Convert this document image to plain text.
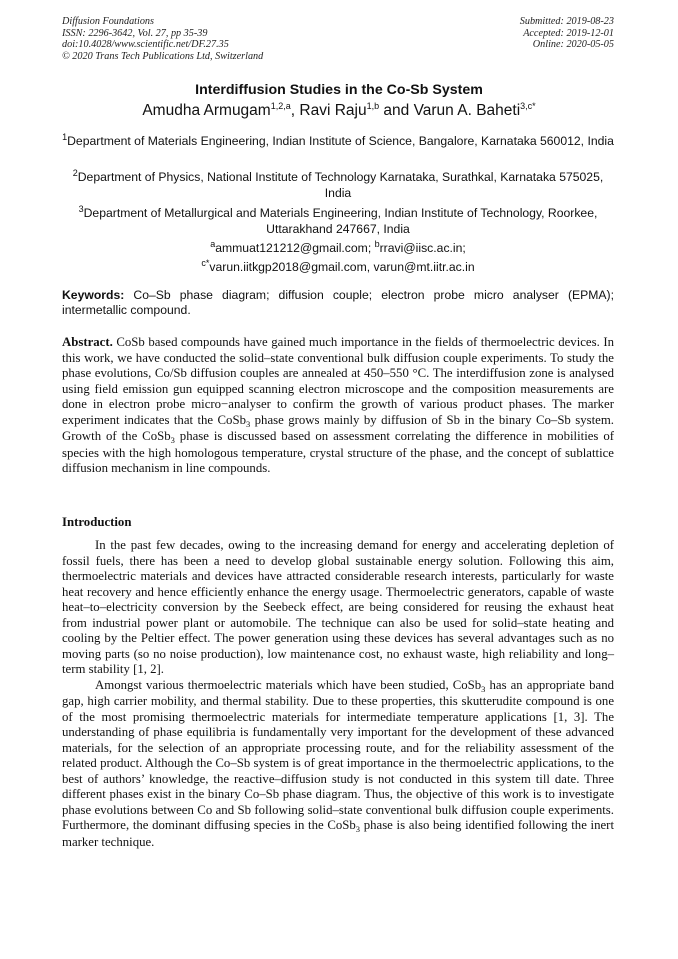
Diffusion Foundations
ISSN: 2296-3642, Vol. 27, pp 35-39
doi:10.4028/www.scientific.net/DF.27.35
© 2020 Trans Tech Publications Ltd, Switzerland
Submitted: 2019-08-23
Accepted: 2019-12-01
Online: 2020-05-05
Interdiffusion Studies in the Co-Sb System
Amudha Armugam$^{1,2,a}$, Ravi Raju$^{1,b}$ and Varun A. Baheti$^{3,c*}$
$^1$Department of Materials Engineering, Indian Institute of Science, Bangalore, Karnataka 560012, India
$^2$Department of Physics, National Institute of Technology Karnataka, Surathkal, Karnataka 575025, India
$^3$Department of Metallurgical and Materials Engineering, Indian Institute of Technology, Roorkee, Uttarakhand 247667, India
$^a$ammuat121212@gmail.com; $^b$rravi@iisc.ac.in;
$^{c*}$varun.iitkgp2018@gmail.com, varun@mt.iitr.ac.in
Keywords: Co–Sb phase diagram; diffusion couple; electron probe micro analyser (EPMA); intermetallic compound.
Abstract. CoSb based compounds have gained much importance in the fields of thermoelectric devices. In this work, we have conducted the solid–state conventional bulk diffusion couple experiments. To study the phase evolutions, Co/Sb diffusion couples are annealed at 450–550 °C. The interdiffusion zone is analysed using field emission gun equipped scanning electron microscope and the composition measurements are done in electron probe micro−analyser to confirm the growth of various product phases. The marker experiment indicates that the CoSb$_3$ phase grows mainly by diffusion of Sb in the binary Co–Sb system. Growth of the CoSb$_3$ phase is discussed based on assessment correlating the difference in mobilities of species with the high homologous temperature, crystal structure of the phase, and the concept of sublattice diffusion mechanism in line compounds.
Introduction

In the past few decades, owing to the increasing demand for energy and accelerating depletion of fossil fuels, there has been a need to develop global sustainable energy solution. Following this aim, thermoelectric materials and devices have attracted considerable research interests, particularly for waste heat recovery and hence efficiently enhance the energy usage. Thermoelectric generators, capable of waste heat–to–electricity conversion by the Seebeck effect, are being considered for reusing the exhaust heat from industrial power plant or automobile. The technique can also be used for solid–state heating and cooling by the Peltier effect. The power generation using these devices has several advantages such as no moving parts (so no noise production), low maintenance cost, no exhaust waste, high reliability and long–term stability [1, 2].

Amongst various thermoelectric materials which have been studied, CoSb$_3$ has an appropriate band gap, high carrier mobility, and thermal stability. Due to these properties, this skutterudite compound is one of the most promising thermoelectric materials for intermediate temperature applications [1, 3]. The understanding of phase equilibria is fundamentally very important for the development of these advanced materials, for the selection of an appropriate processing route, and for the reliability assessment of the related product. Although the Co–Sb system is of great importance in the thermoelectric applications, to the best of authors’ knowledge, the reactive–diffusion study is not conducted in this system till date. Three different phases exist in the binary Co–Sb phase diagram. Thus, the objective of this work is to investigate phase evolutions between Co and Sb following solid–state conventional bulk diffusion couple experiments. Furthermore, the dominant diffusing species in the CoSb$_3$ phase is also being identified following the inert marker technique.
